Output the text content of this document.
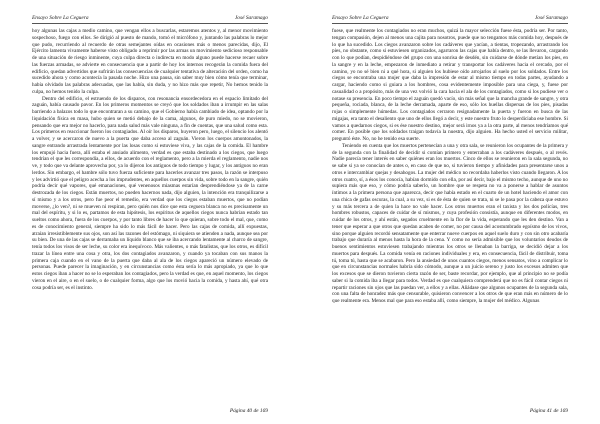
Ensayo Sobre La Ceguera	José Saramago

hoy algunas las cajas a medio camino, que vengan ellos a buscarlas, estaremos atentos y, al menor movimiento sospechoso, fuego con ellos. Se dirigió al puesto de mando, tomó el micrófono y, juntando las palabras lo mejor que pudo, recurriendo al recuerdo de otras semejantes oídas en ocasiones más o menos parecidas, dijo, El Ejército lamenta vivamente haberse visto obligado a reprimir por las armas un movimiento sedicioso responsable de una situación de riesgo inminente, cuya culpa directa o indirecta en modo alguno puede hacerse recaer sobre las fuerzas armadas, se advierte en consecuencia que a partir de hoy los internos recogerán la comida fuera del edificio, quedan advertidos que sufrirán las consecuencias de cualquier tentativa de alteración del orden, como ha sucedido ahora y como acontecía la pasada noche. Hizo una pausa, sin saber muy bien cómo tenía que terminar, había olvidado las palabras adecuadas, que las había, sin duda, y no hizo más que repetir, No hemos tenido la culpa, no hemos tenido la culpa.

Dentro del edificio, el estruendo de los disparos, con resonancia ensordecedora en el espacio limitado del zaguán, había causado pavor. En los primeros momentos se creyó que los soldados iban a irrumpir en las salas barriendo a balazos todo lo que encontraran a su camino, que el Gobierno había cambiado de idea, optando por la liquidación física en masa, hubo quien se metió debajo de la cama, algunos, de puro miedo, no se movieron, pensando que era mejor no hacerlo, para nada salud más vale ninguna, a fin de cuentas, que una salud como esta. Los primeros en reaccionar fueron los contagiados. Al oír los disparos, huyeron pero, luego, el silencio los alentó a volver, y se acercaron de nuevo a la puerta que daba acceso al zaguán. Vieron los cuerpos amontonados, la sangre entrando arrastrada lentamente por las losas como si estuviese viva, y las cajas de la comida. El hambre los empujó hacia fuera, allí estaba el ansiado alimento, verdad es que estaba destinado a los ciegos, que luego tendrían el que les correspondía, a ellos, de acuerdo con el reglamento, pero a la mierda el reglamento, nadie nos ve, y todo que va delante aprovecha por, ya lo dijeron los antiguos de todo tiempo y lugar, y los antiguos no eran lerdos. Sin embargo, el hambre sólo tuvo fuerza suficiente para hacerles avanzar tres pasos, la razón se interpuso y les advirtió que el peligro acecha a los imprudentes, en aquellos cuerpos sin vida, sobre todo en la sangre, quién podría decir qué vapores, qué emanaciones, qué venenosos miasmas estarían desprendiéndose ya de la carne destrozada de los ciegos. Están muertos, no pueden hacernos nada, dijo alguien, la intención era tranquilizarse a sí mismo y a los otros, pero fue peor el remedio, era verdad que los ciegos estaban muertos, que no podían moverse, ¿lo ven?, ni se mueven ni respiran, pero quién nos dice que esta ceguera blanca no es precisamente un mal del espíritu, y si lo es, partamos de esta hipótesis, los espíritus de aquellos ciegos nunca habrían estado tan sueltos como ahora, fuera de los cuerpos, y por tanto libres de hacer lo que quieran, sobre todo el mal, que, como es de conocimiento general, siempre ha sido lo más fácil de hacer. Pero las cajas de comida, allí expuestas, atraían irresistiblemente sus ojos, son así las razones del estómago, ni siquiera se atienden a nada, aunque sea por su bien. De una de las cajas se derramaba un líquido blanco que se iba acercando lentamente al charco de sangre, tenía todos los visos de ser leche, su color era inequívoco. Más valientes, o más fatalistas, que los otros, es difícil trazar la línea entre una cosa y otra, los dos contagiados avanzaron, y cuando ya tocaban con sus manos la primera caja cuando en el vano de la puerta que daba al ala de los ciegos apareció un número elevado de personas. Puede parecer la imaginación, y en circunstancias como ésta sería lo más apropiado, ya que lo que estos ciegos iban a hacer no se lo esperaban los contagiados, pero la verdad es que, en aquel momento, los ciegos vieron en el aire, o en el suelo, o de cualquier forma, algo que los movió hacia la comida, y hasta ahí, qué otra cosa podría ser, es el instinto.

Página 40 de 169
Ensayo Sobre La Ceguera	José Saramago

fuese, que realmente los contagiados no eran muchos, quizá la mayor selección fuese ésta, podría ser. Por tanto, tengan compasión, dejen al menos una cajita para nosotros, puede que no tengamos más comida hoy, después de lo que ha sucedido. Los ciegos avanzaron sobre los cadáveres que yacían, a tientas, tropezando, arrastrando los pies, no obstante, como si estuviesen organizados, agarraron las cajas que había dentro, se las llevaron, cargando con lo que podían, despidiéndose del grupo con una sonrisa de desdén, sin cuidarse de dónde metían los pies, en la sangre y en la leche, empezaron de inmediato a retirar y transportar los cadáveres hacia el cercado, por el camino, yo no sé bien ni a qué hora, si alguien los hubiese oído arrojarlos al suelo por los soldados. Entre los ciegos se encontraba una mujer que daba la impresión de estar al mismo tiempo en todas partes, ayudando a cargar, haciendo como si guiara a los hombres, cosa evidentemente imposible para una ciega, y, fuese por casualidad o a propósito, más de una vez volvió la cara hacia el ala de los contagiados, como si los pudiese ver o notase su presencia. En poco tiempo el zaguán quedó vacío, sin más señal que la mancha grande de sangre, y otra pequeña, rociada, blanca, de la leche derramada, aparte de eso, sólo los huellas dispersas de los pies, pisadas rojas o simplemente húmedas. Los contagiados cerraron resignadamente la puerta y fueron en busca de las migajas, era tanto el desaliento que uno de ellos llegó a decir, y este nuestro fruto lo desperdiciaba ese hombre. Si vamos a quedarnos ciegos, si es ése nuestro destino, mejor será irnos ya a la otra parte, al menos tendríamos qué comer. En posible que los soldados traigan todavía la nuestra, dijo alguien. Ha hecho usted el servicio militar, preguntó éste. No, no he tenido esa suerte.

Teniendo en cuenta que los muertos pertenecían a una y otra sala, se reunieron los ocupantes de la primera y de la segunda con la finalidad de decidir si comían primero y enterraban a los cadáveres después, o al revés. Nadie parecía tener interés en saber quiénes eran los muertos. Cinco de ellos se reunieron en la sala segunda, no se sabe si ya se conocían de antes o, en caso de que no, si tuvieron tiempo y afinidades para presentarse unos a otros e intercambiar quejas y desahogos. La mujer del médico no recordaba haberlos visto cuando llegaron. A los otros cuatro, sí, a ésos los conocía, habían dormido con ella, por así decir, bajo el mismo techo, aunque de uno no supiera más que eso, y cómo podría saberlo, un hombre que se respeta no va a ponerse a hablar de asuntos íntimos a la primera persona que aparezca, decir que había estado en el cuarto de un hotel haciendo el amor con una chica de gafas oscuras, la cual, a su vez, si es de ésta de quien se trata, ni se le pasa por la cabeza que estuvo y su más tercera a de quien la hace no vale hacer. Los otros muertos eran el taxista y los dos policías, tres hombres robustos, capaces de cuidar de sí mismos, y cuya profesión consistía, aunque en diferentes modos, en cuidar de los otros, y ahí están, segados cruelmente en la flor de la vida, esperando que les den destino. Van a tener que esperar a que otros que quedan acaben de comer, no por causa del acostumbrado egoísmo de los vivos, sino porque alguien recordó sensatamente que enterrar nueve cuerpos en aquel suelo duro y con sin otro acabaría trabajo que duraría al menos hasta la hora de la cena. Y como no sería admisible que los voluntarios deudos de buenos sentimientos estuviesen trabajando mientras los otros se llenaban la barriga, se decidió dejar a los muertos para después. La comida venía en raciones individuales y era, en consecuencia, fácil de distribuir, toma tú, toma tú, hasta que se acabaron. Pero la ansiedad de unos cuantos ciegos, menos sensatos, vino a complicar lo que en circunstancias normales habría sido cómodo, aunque a un juicio sereno y justo los excesos admiten que los excesos que se dieron tuvieron cierta razón de ser, baste recordar, por ejemplo, que al principio no se podía saber si la comida iba a llegar para todos. Verdad es que cualquiera comprenderá que no es fácil contar ciegos ni repartir raciones sin ojos que las puedan ver, a ellos y a ellas. Añádase que algunos ocupantes de la segunda sala, con una falta de honradez más que censurable, quisieron convencer a los otros de que eran más en número de lo que realmente era. Menos mal que para eso estaba allí, como siempre, la mujer del médico. Algunas

Página 41 de 169
